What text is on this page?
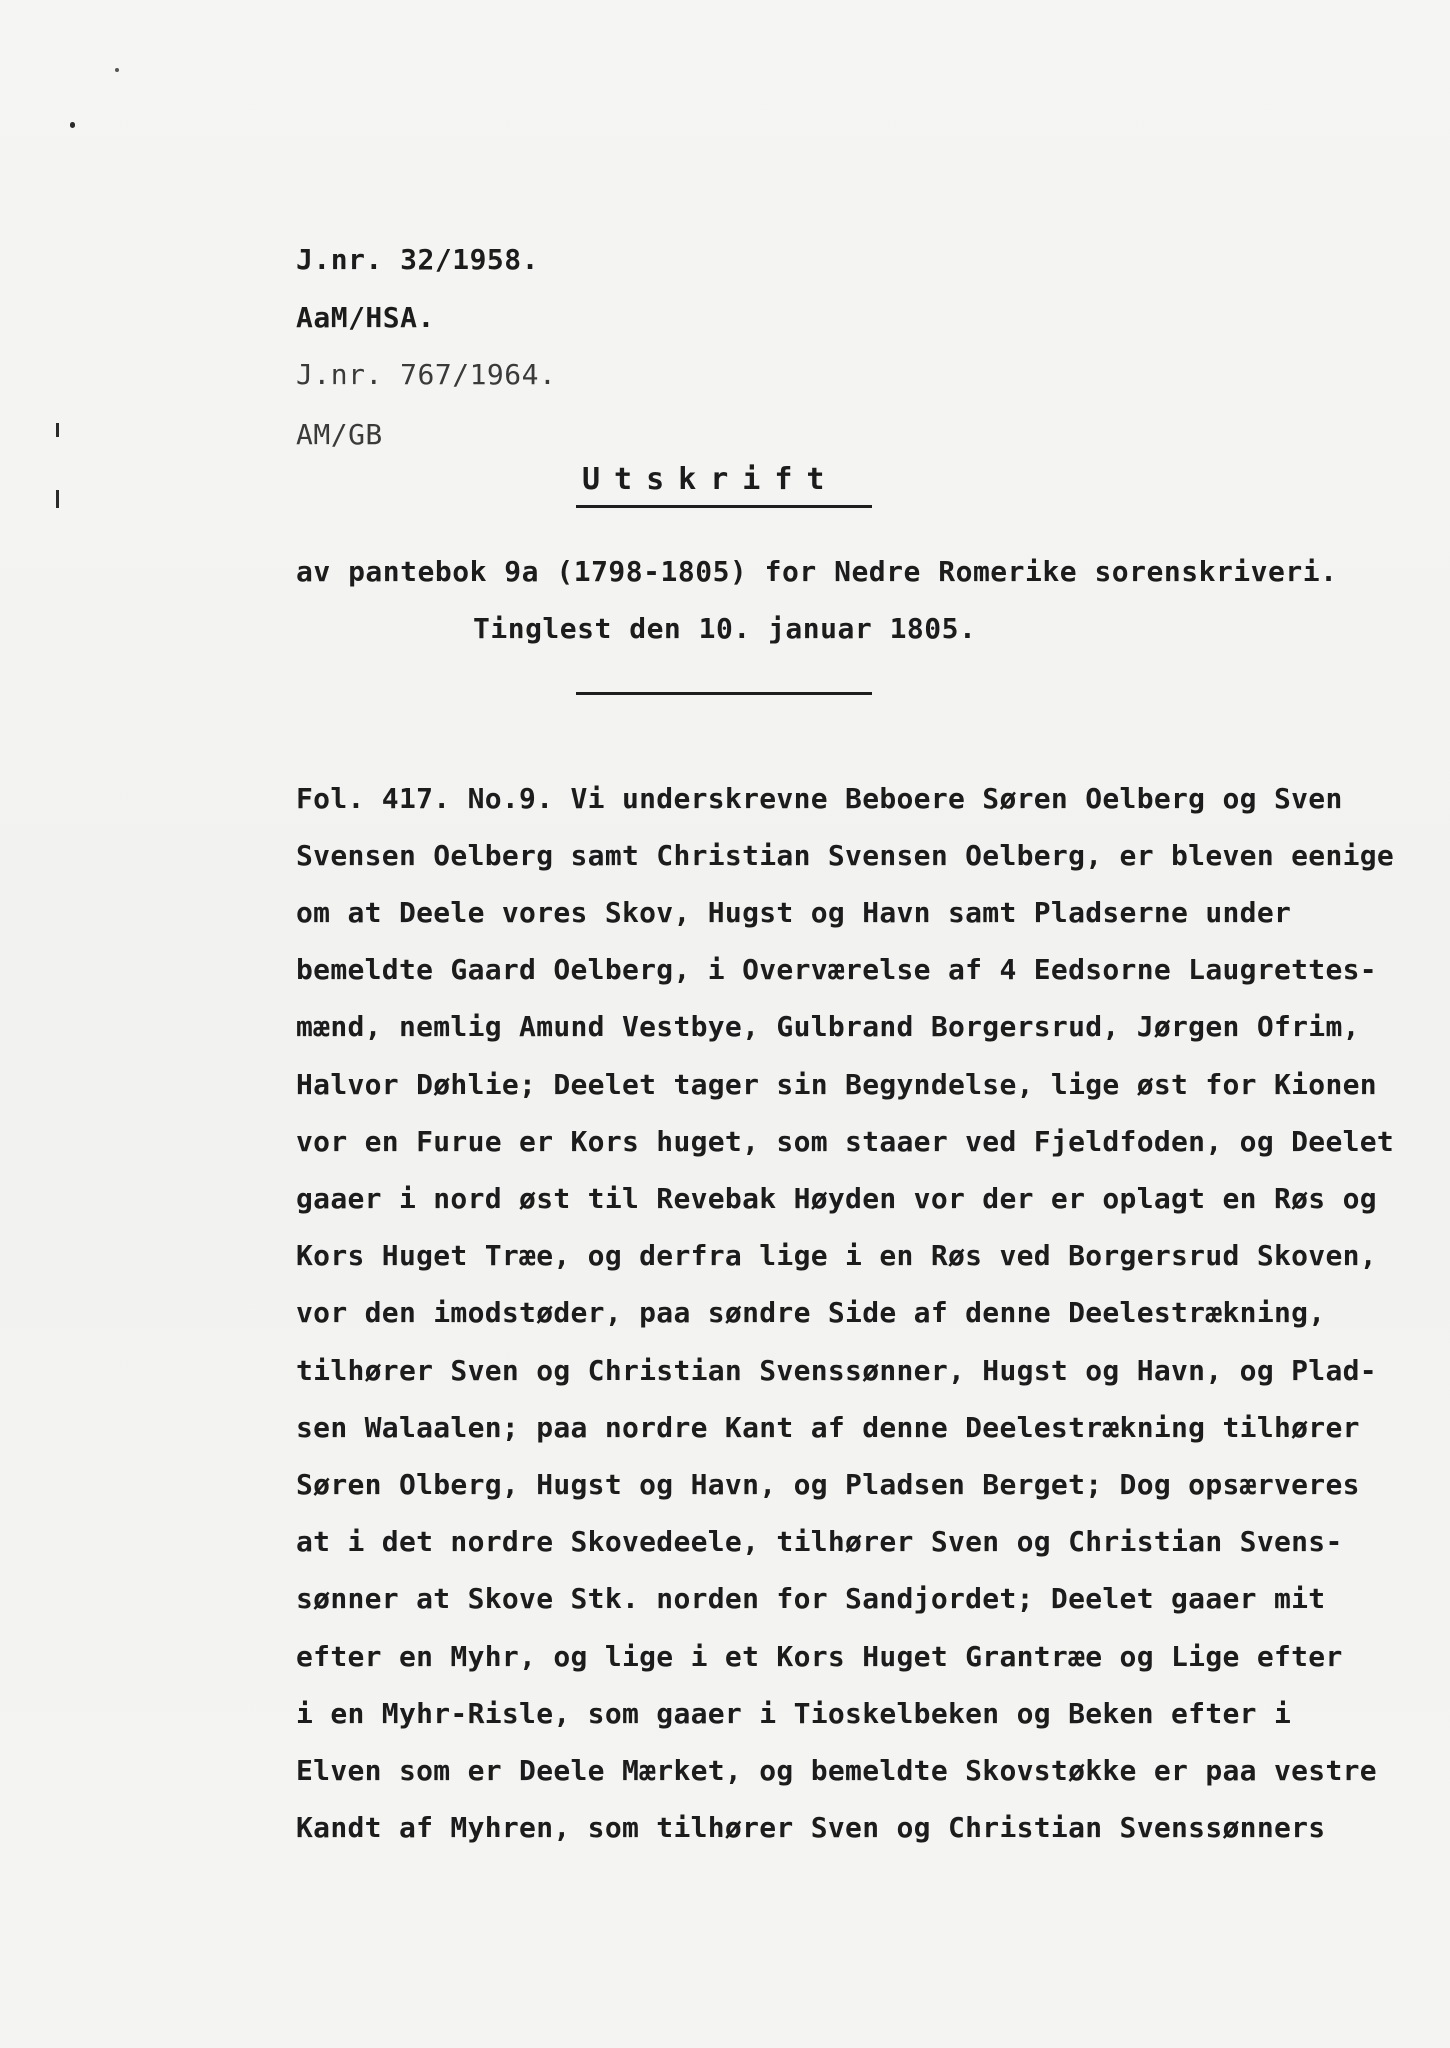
J.nr. 32/1958.
AaM/HSA.
J.nr. 767/1964.
AM/GB
Utskrift
av pantebok 9a (1798-1805) for Nedre Romerike sorenskriveri.
Tinglest den 10. januar 1805.
Fol. 417. No.9. Vi underskrevne Beboere Søren Oelberg og Sven
Svensen Oelberg samt Christian Svensen Oelberg, er bleven eenige
om at Deele vores Skov, Hugst og Havn samt Pladserne under
bemeldte Gaard Oelberg, i Overværelse af 4 Eedsorne Laugrettes-
mænd, nemlig Amund Vestbye, Gulbrand Borgersrud, Jørgen Ofrim,
Halvor Døhlie; Deelet tager sin Begyndelse, lige øst for Kionen
vor en Furue er Kors huget, som staaer ved Fjeldfoden, og Deelet
gaaer i nord øst til Revebak Høyden vor der er oplagt en Røs og
Kors Huget Træe, og derfra lige i en Røs ved Borgersrud Skoven,
vor den imodstøder, paa søndre Side af denne Deelestrækning,
tilhører Sven og Christian Svenssønner, Hugst og Havn, og Plad-
sen Walaalen; paa nordre Kant af denne Deelestrækning tilhører
Søren Olberg, Hugst og Havn, og Pladsen Berget; Dog opsærveres
at i det nordre Skovedeele, tilhører Sven og Christian Svens-
sønner at Skove Stk. norden for Sandjordet; Deelet gaaer mit
efter en Myhr, og lige i et Kors Huget Grantræe og Lige efter
i en Myhr-Risle, som gaaer i Tioskelbeken og Beken efter i
Elven som er Deele Mærket, og bemeldte Skovstøkke er paa vestre
Kandt af Myhren, som tilhører Sven og Christian Svenssønners
